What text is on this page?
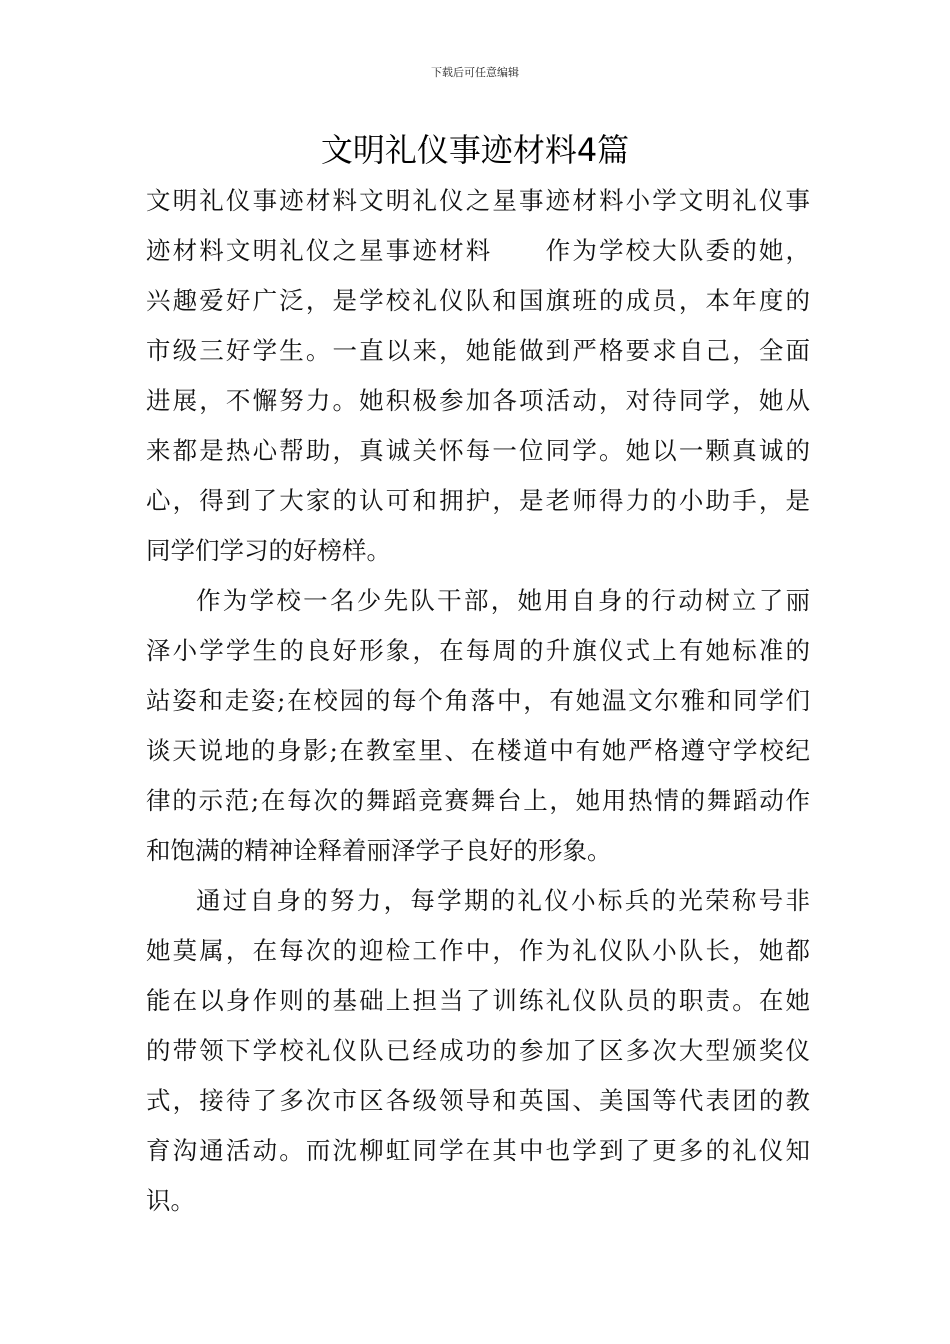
下载后可任意编辑
文明礼仪事迹材料4篇
文明礼仪事迹材料文明礼仪之星事迹材料小学文明礼仪事
迹材料文明礼仪之星事迹材料　　作为学校大队委的她，
兴趣爱好广泛，是学校礼仪队和国旗班的成员，本年度的
市级三好学生。一直以来，她能做到严格要求自己，全面
进展，不懈努力。她积极参加各项活动，对待同学，她从
来都是热心帮助，真诚关怀每一位同学。她以一颗真诚的
心，得到了大家的认可和拥护，是老师得力的小助手，是
同学们学习的好榜样。
作为学校一名少先队干部，她用自身的行动树立了丽
泽小学学生的良好形象，在每周的升旗仪式上有她标准的
站姿和走姿;在校园的每个角落中，有她温文尔雅和同学们
谈天说地的身影;在教室里、在楼道中有她严格遵守学校纪
律的示范;在每次的舞蹈竞赛舞台上，她用热情的舞蹈动作
和饱满的精神诠释着丽泽学子良好的形象。
通过自身的努力，每学期的礼仪小标兵的光荣称号非
她莫属，在每次的迎检工作中，作为礼仪队小队长，她都
能在以身作则的基础上担当了训练礼仪队员的职责。在她
的带领下学校礼仪队已经成功的参加了区多次大型颁奖仪
式，接待了多次市区各级领导和英国、美国等代表团的教
育沟通活动。而沈柳虹同学在其中也学到了更多的礼仪知
识。
